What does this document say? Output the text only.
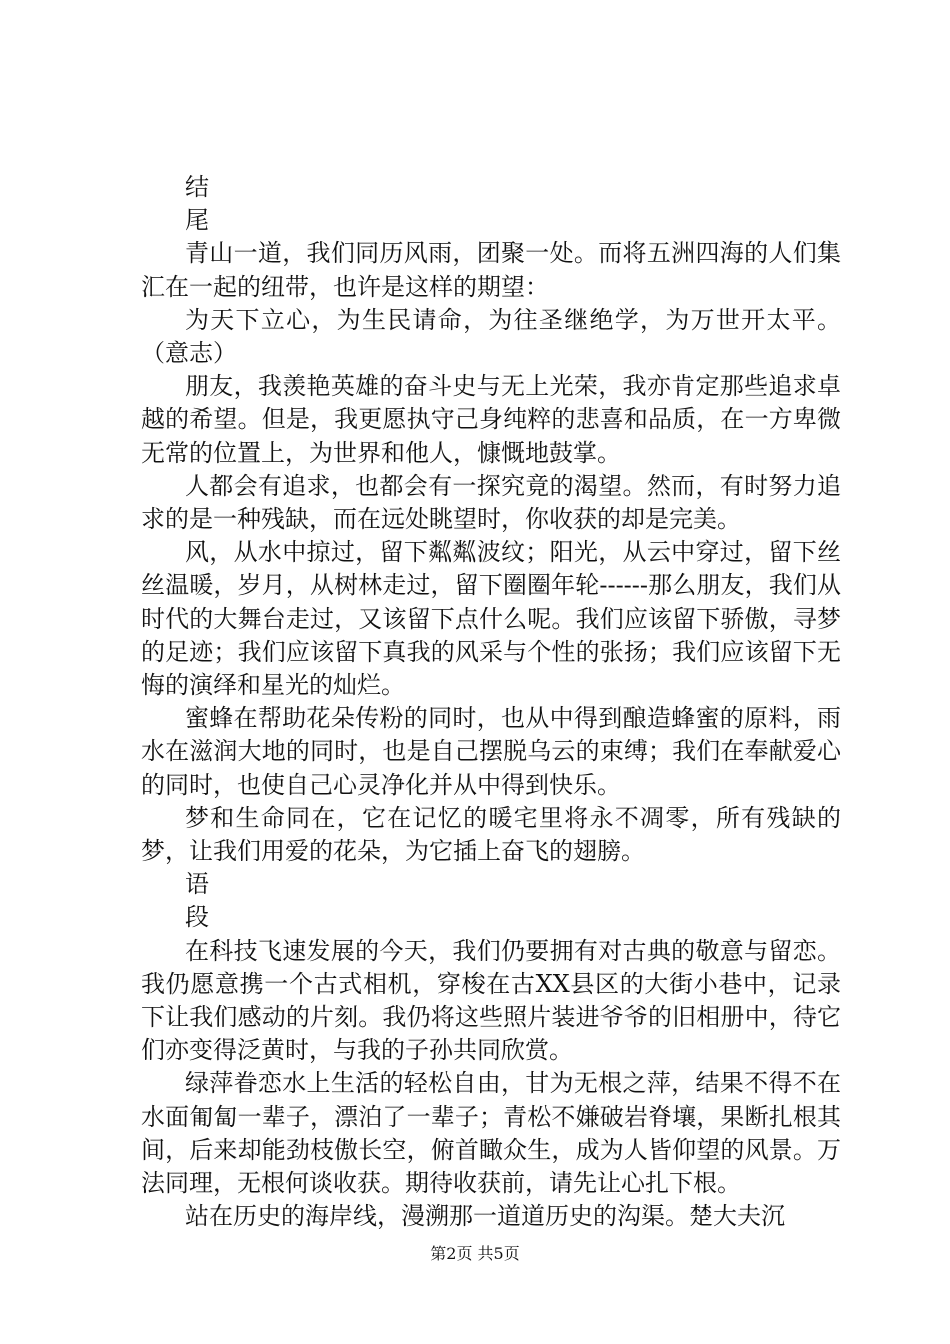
结

尾

青山一道，我们同历风雨，团聚一处。而将五洲四海的人们集汇在一起的纽带，也许是这样的期望：

为天下立心，为生民请命，为往圣继绝学，为万世开太平。（意志）

朋友，我羡艳英雄的奋斗史与无上光荣，我亦肯定那些追求卓越的希望。但是，我更愿执守己身纯粹的悲喜和品质，在一方卑微无常的位置上，为世界和他人，慷慨地鼓掌。

人都会有追求，也都会有一探究竟的渴望。然而，有时努力追求的是一种残缺，而在远处眺望时，你收获的却是完美。

风，从水中掠过，留下粼粼波纹；阳光，从云中穿过，留下丝丝温暖，岁月，从树林走过，留下圈圈年轮------那么朋友，我们从时代的大舞台走过，又该留下点什么呢。我们应该留下骄傲，寻梦的足迹；我们应该留下真我的风采与个性的张扬；我们应该留下无悔的演绎和星光的灿烂。

蜜蜂在帮助花朵传粉的同时，也从中得到酿造蜂蜜的原料，雨水在滋润大地的同时，也是自己摆脱乌云的束缚；我们在奉献爱心的同时，也使自己心灵净化并从中得到快乐。

梦和生命同在，它在记忆的暖宅里将永不凋零，所有残缺的梦，让我们用爱的花朵，为它插上奋飞的翅膀。

语

段

在科技飞速发展的今天，我们仍要拥有对古典的敬意与留恋。我仍愿意携一个古式相机，穿梭在古XX县区的大街小巷中，记录下让我们感动的片刻。我仍将这些照片装进爷爷的旧相册中，待它们亦变得泛黄时，与我的子孙共同欣赏。

绿萍眷恋水上生活的轻松自由，甘为无根之萍，结果不得不在水面匍匐一辈子，漂泊了一辈子；青松不嫌破岩脊壤，果断扎根其间，后来却能劲枝傲长空，俯首瞰众生，成为人皆仰望的风景。万法同理，无根何谈收获。期待收获前，请先让心扎下根。

站在历史的海岸线，漫溯那一道道历史的沟渠。楚大夫沉

第2页 共5页
